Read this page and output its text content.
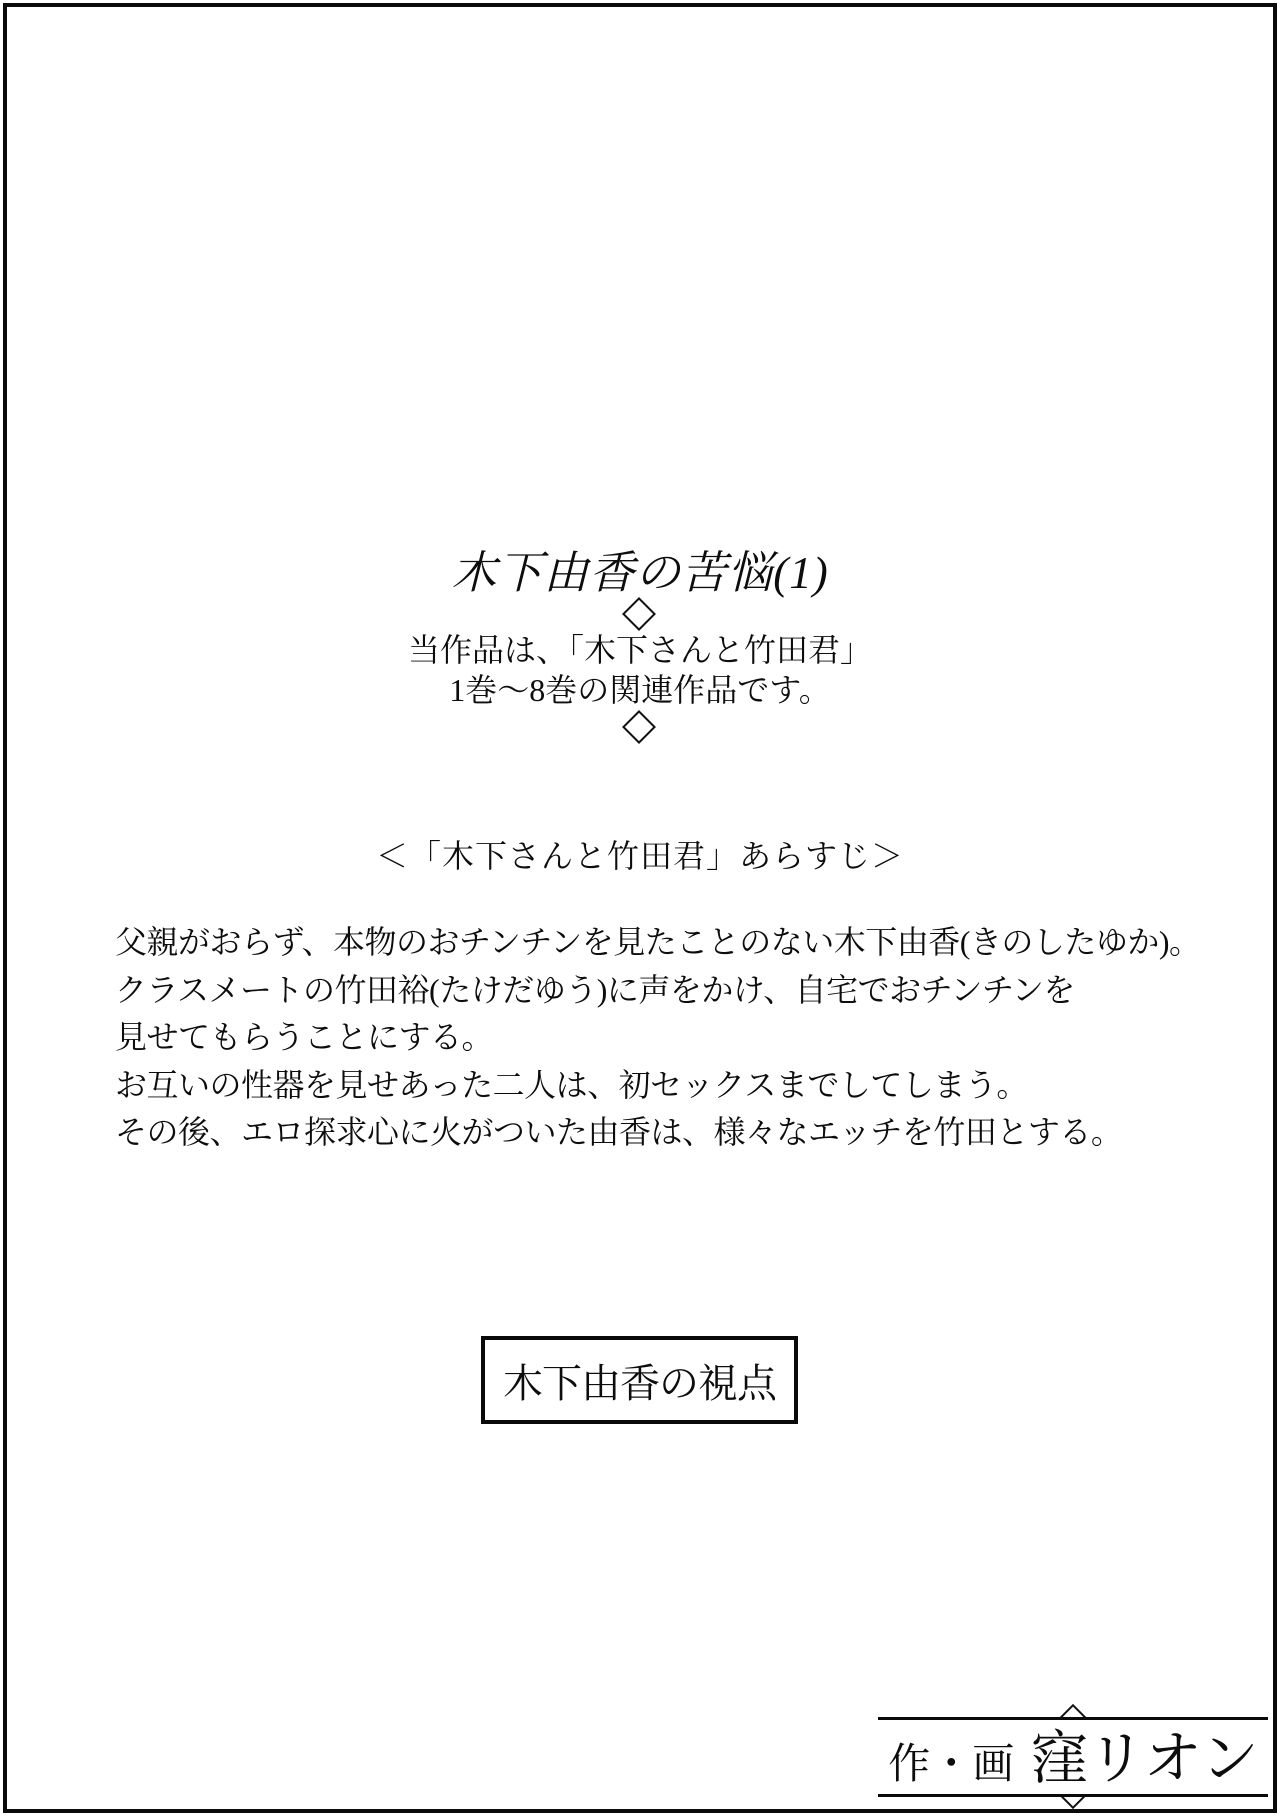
木下由香の苦悩(1)
当作品は、「木下さんと竹田君」
1巻～8巻の関連作品です。
＜「木下さんと竹田君」あらすじ＞
父親がおらず、本物のおチンチンを見たことのない木下由香(きのしたゆか)。
クラスメートの竹田裕(たけだゆう)に声をかけ、自宅でおチンチンを
見せてもらうことにする。
お互いの性器を見せあった二人は、初セックスまでしてしまう。
その後、エロ探求心に火がついた由香は、様々なエッチを竹田とする。
木下由香の視点
作・画 窪リオン
